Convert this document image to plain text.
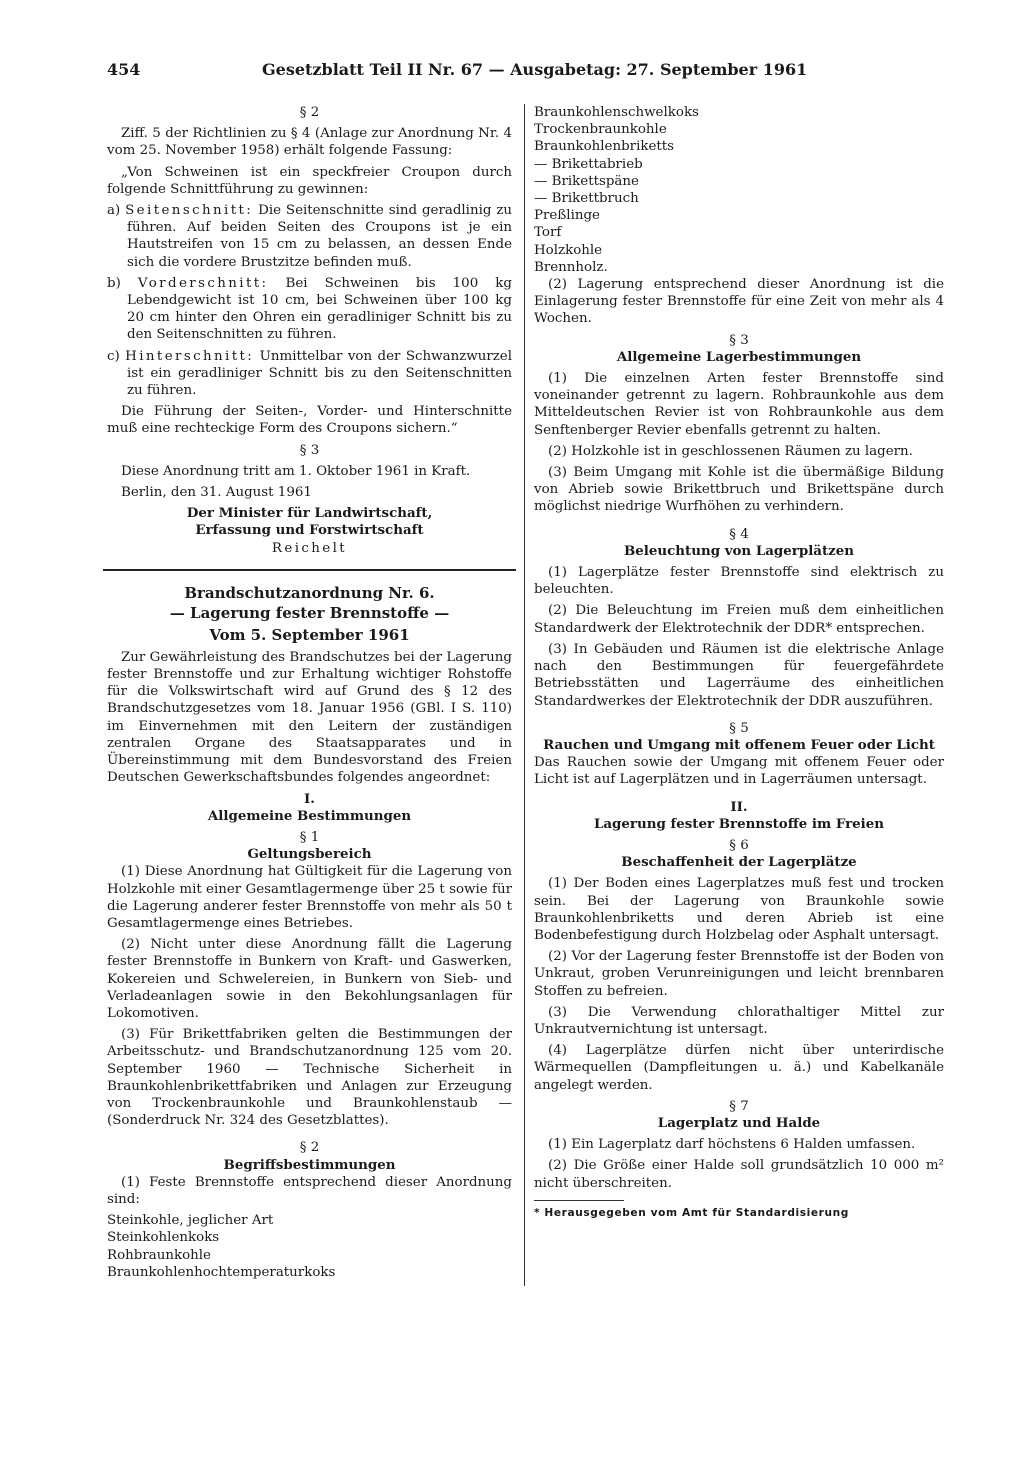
454	Gesetzblatt Teil II Nr. 67 — Ausgabetag: 27. September 1961

§ 2

Ziff. 5 der Richtlinien zu § 4 (Anlage zur Anordnung Nr. 4 vom 25. November 1958) erhält folgende Fassung:

„Von Schweinen ist ein speckfreier Croupon durch folgende Schnittführung zu gewinnen:

a) Seitenschnitt: Die Seitenschnitte sind geradlinig zu führen. Auf beiden Seiten des Croupons ist je ein Hautstreifen von 15 cm zu belassen, an dessen Ende sich die vordere Brustzitze befinden muß.

b) Vorderschnitt: Bei Schweinen bis 100 kg Lebendgewicht ist 10 cm, bei Schweinen über 100 kg 20 cm hinter den Ohren ein geradliniger Schnitt bis zu den Seitenschnitten zu führen.

c) Hinterschnitt: Unmittelbar von der Schwanzwurzel ist ein geradliniger Schnitt bis zu den Seitenschnitten zu führen.

Die Führung der Seiten-, Vorder- und Hinterschnitte muß eine rechteckige Form des Croupons sichern.“

§ 3

Diese Anordnung tritt am 1. Oktober 1961 in Kraft.

Berlin, den 31. August 1961

Der Minister für Landwirtschaft,

Erfassung und Forstwirtschaft

Reichelt

Brandschutzanordnung Nr. 6.

— Lagerung fester Brennstoffe —

Vom 5. September 1961

Zur Gewährleistung des Brandschutzes bei der Lagerung fester Brennstoffe und zur Erhaltung wichtiger Rohstoffe für die Volkswirtschaft wird auf Grund des § 12 des Brandschutzgesetzes vom 18. Januar 1956 (GBl. I S. 110) im Einvernehmen mit den Leitern der zuständigen zentralen Organe des Staatsapparates und in Übereinstimmung mit dem Bundesvorstand des Freien Deutschen Gewerkschaftsbundes folgendes angeordnet:

I.

Allgemeine Bestimmungen

§ 1

Geltungsbereich

(1) Diese Anordnung hat Gültigkeit für die Lagerung von Holzkohle mit einer Gesamtlagermenge über 25 t sowie für die Lagerung anderer fester Brennstoffe von mehr als 50 t Gesamtlagermenge eines Betriebes.

(2) Nicht unter diese Anordnung fällt die Lagerung fester Brennstoffe in Bunkern von Kraft- und Gaswerken, Kokereien und Schwelereien, in Bunkern von Sieb- und Verladeanlagen sowie in den Bekohlungsanlagen für Lokomotiven.

(3) Für Brikettfabriken gelten die Bestimmungen der Arbeitsschutz- und Brandschutzanordnung 125 vom 20. September 1960 — Technische Sicherheit in Braunkohlenbrikettfabriken und Anlagen zur Erzeugung von Trockenbraunkohle und Braunkohlenstaub — (Sonderdruck Nr. 324 des Gesetzblattes).

§ 2

Begriffsbestimmungen

(1) Feste Brennstoffe entsprechend dieser Anordnung sind:

Steinkohle, jeglicher Art
Steinkohlenkoks
Rohbraunkohle
Braunkohlenhochtemperaturkoks
Braunkohlenschwelkoks
Trockenbraunkohle
Braunkohlenbriketts
— Brikettabrieb
— Brikettspäne
— Brikettbruch
Preßlinge
Torf
Holzkohle
Brennholz.

(2) Lagerung entsprechend dieser Anordnung ist die Einlagerung fester Brennstoffe für eine Zeit von mehr als 4 Wochen.

§ 3

Allgemeine Lagerbestimmungen

(1) Die einzelnen Arten fester Brennstoffe sind voneinander getrennt zu lagern. Rohbraunkohle aus dem Mitteldeutschen Revier ist von Rohbraunkohle aus dem Senftenberger Revier ebenfalls getrennt zu halten.

(2) Holzkohle ist in geschlossenen Räumen zu lagern.

(3) Beim Umgang mit Kohle ist die übermäßige Bildung von Abrieb sowie Brikettbruch und Brikettspäne durch möglichst niedrige Wurfhöhen zu verhindern.

§ 4

Beleuchtung von Lagerplätzen

(1) Lagerplätze fester Brennstoffe sind elektrisch zu beleuchten.

(2) Die Beleuchtung im Freien muß dem einheitlichen Standardwerk der Elektrotechnik der DDR* entsprechen.

(3) In Gebäuden und Räumen ist die elektrische Anlage nach den Bestimmungen für feuergefährdete Betriebsstätten und Lagerräume des einheitlichen Standardwerkes der Elektrotechnik der DDR auszuführen.

§ 5

Rauchen und Umgang mit offenem Feuer oder Licht

Das Rauchen sowie der Umgang mit offenem Feuer oder Licht ist auf Lagerplätzen und in Lagerräumen untersagt.

II.

Lagerung fester Brennstoffe im Freien

§ 6

Beschaffenheit der Lagerplätze

(1) Der Boden eines Lagerplatzes muß fest und trocken sein. Bei der Lagerung von Braunkohle sowie Braunkohlenbriketts und deren Abrieb ist eine Bodenbefestigung durch Holzbelag oder Asphalt untersagt.

(2) Vor der Lagerung fester Brennstoffe ist der Boden von Unkraut, groben Verunreinigungen und leicht brennbaren Stoffen zu befreien.

(3) Die Verwendung chlorathaltiger Mittel zur Unkrautvernichtung ist untersagt.

(4) Lagerplätze dürfen nicht über unterirdische Wärmequellen (Dampfleitungen u. ä.) und Kabelkanäle angelegt werden.

§ 7

Lagerplatz und Halde

(1) Ein Lagerplatz darf höchstens 6 Halden umfassen.

(2) Die Größe einer Halde soll grundsätzlich 10 000 m² nicht überschreiten.

* Herausgegeben vom Amt für Standardisierung
